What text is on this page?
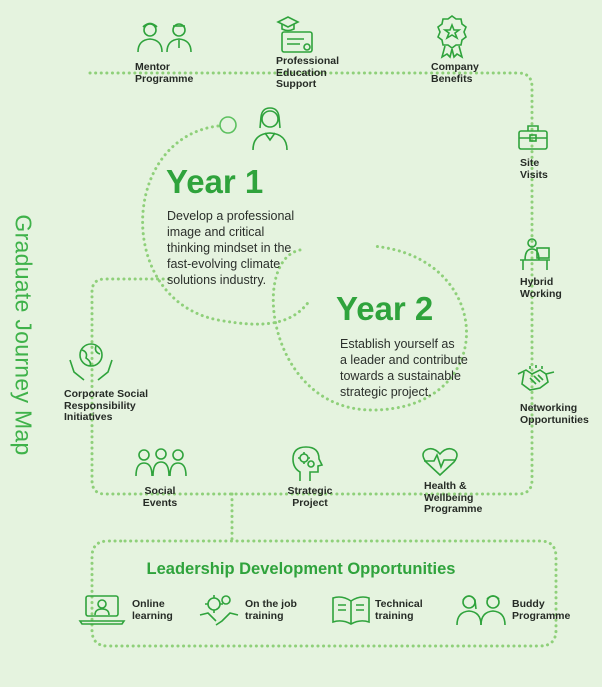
Graduate Journey Map
Mentor
Programme
Professional
Education
Support
Company
Benefits
Site
Visits
Hybrid
Working
Networking
Opportunities
Health &
Wellbeing
Programme
Strategic
Project
Social
Events
Corporate Social
Responsibility
Initiatives
Year 1
Develop a professional
image and critical
thinking mindset in the
fast-evolving climate
solutions industry.
Year 2
Establish yourself as
a leader and contribute
towards a sustainable
strategic project.
Leadership Development Opportunities
Online
learning
On the job
training
Technical
training
Buddy
Programme
